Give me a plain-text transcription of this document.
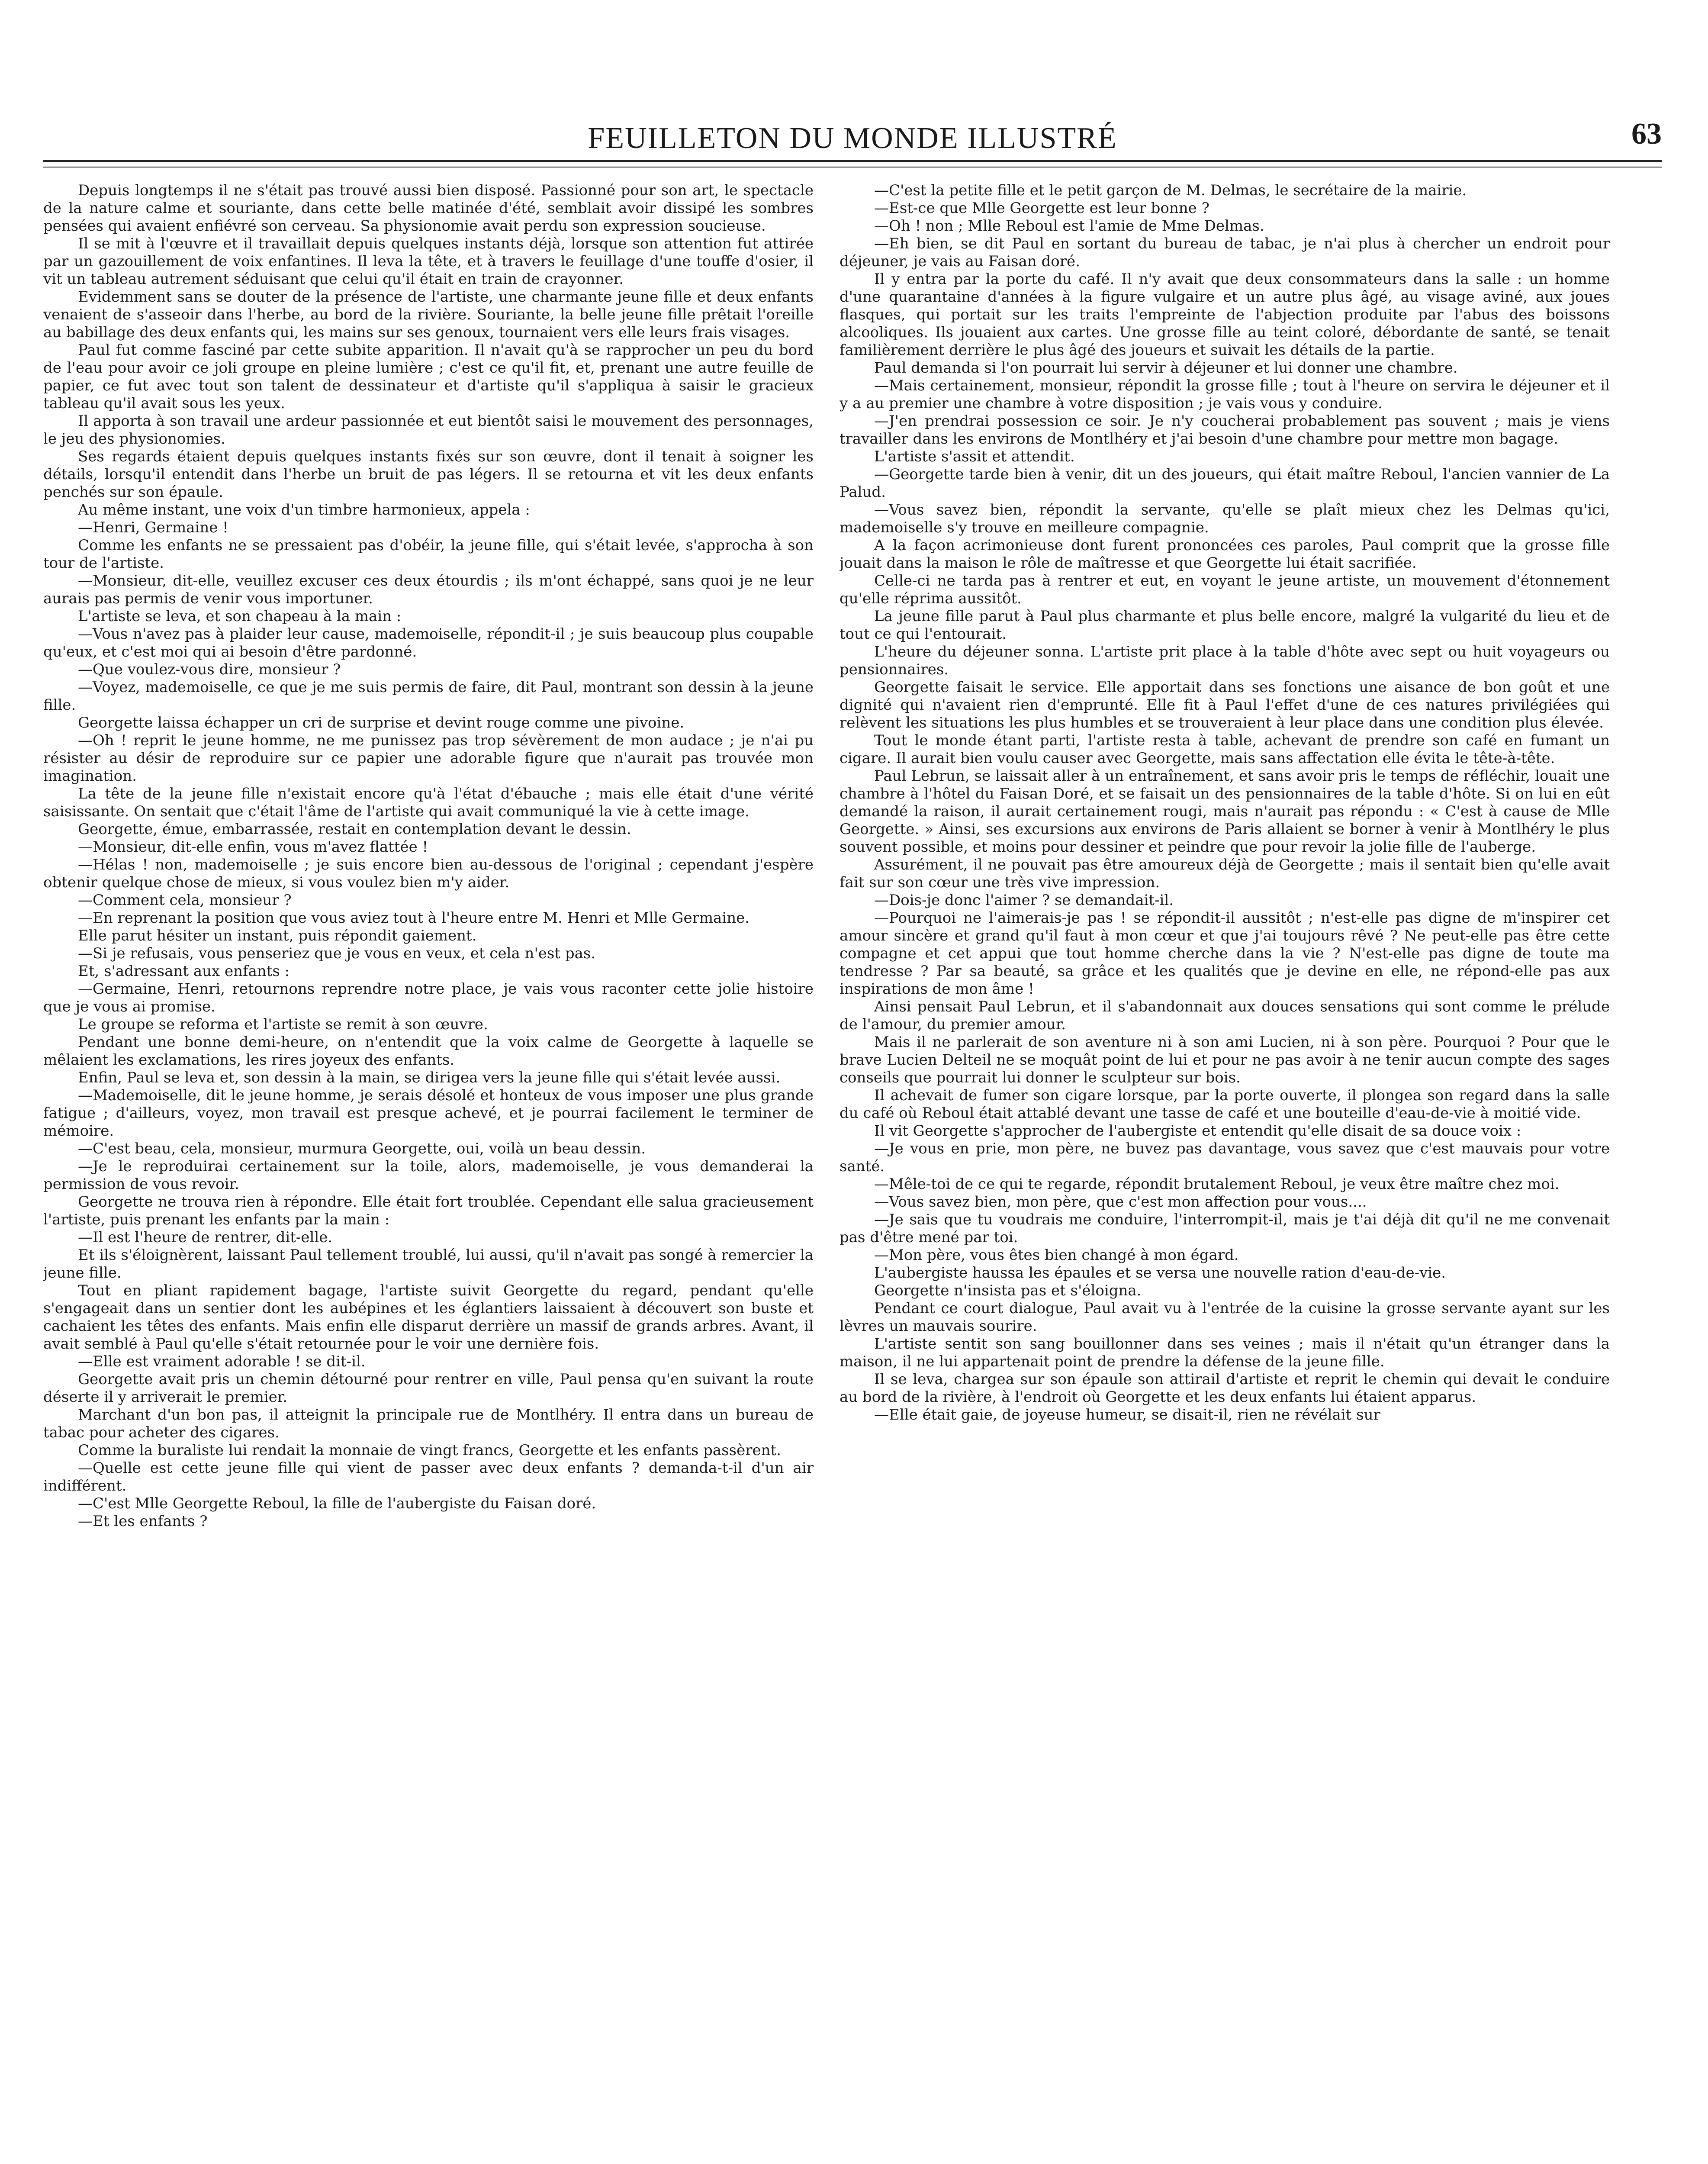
FEUILLETON DU MONDE ILLUSTRÉ	63

Depuis longtemps il ne s'était pas trouvé aussi bien disposé. Passionné pour son art, le spectacle de la nature calme et souriante, dans cette belle matinée d'été, semblait avoir dissipé les sombres pensées qui avaient enfiévré son cerveau. Sa physionomie avait perdu son expression soucieuse.

Il se mit à l'œuvre et il travaillait depuis quelques instants déjà, lorsque son attention fut attirée par un gazouillement de voix enfantines. Il leva la tête, et à travers le feuillage d'une touffe d'osier, il vit un tableau autrement séduisant que celui qu'il était en train de crayonner.

Evidemment sans se douter de la présence de l'artiste, une charmante jeune fille et deux enfants venaient de s'asseoir dans l'herbe, au bord de la rivière. Souriante, la belle jeune fille prêtait l'oreille au babillage des deux enfants qui, les mains sur ses genoux, tournaient vers elle leurs frais visages.

Paul fut comme fasciné par cette subite apparition. Il n'avait qu'à se rapprocher un peu du bord de l'eau pour avoir ce joli groupe en pleine lumière ; c'est ce qu'il fit, et, prenant une autre feuille de papier, ce fut avec tout son talent de dessinateur et d'artiste qu'il s'appliqua à saisir le gracieux tableau qu'il avait sous les yeux.

Il apporta à son travail une ardeur passionnée et eut bientôt saisi le mouvement des personnages, le jeu des physionomies.

Ses regards étaient depuis quelques instants fixés sur son œuvre, dont il tenait à soigner les détails, lorsqu'il entendit dans l'herbe un bruit de pas légers. Il se retourna et vit les deux enfants penchés sur son épaule.

Au même instant, une voix d'un timbre harmonieux, appela :

—Henri, Germaine !

Comme les enfants ne se pressaient pas d'obéir, la jeune fille, qui s'était levée, s'approcha à son tour de l'artiste.

—Monsieur, dit-elle, veuillez excuser ces deux étourdis ; ils m'ont échappé, sans quoi je ne leur aurais pas permis de venir vous importuner.

L'artiste se leva, et son chapeau à la main :

—Vous n'avez pas à plaider leur cause, mademoiselle, répondit-il ; je suis beaucoup plus coupable qu'eux, et c'est moi qui ai besoin d'être pardonné.

—Que voulez-vous dire, monsieur ?

—Voyez, mademoiselle, ce que je me suis permis de faire, dit Paul, montrant son dessin à la jeune fille.

Georgette laissa échapper un cri de surprise et devint rouge comme une pivoine.

—Oh ! reprit le jeune homme, ne me punissez pas trop sévèrement de mon audace ; je n'ai pu résister au désir de reproduire sur ce papier une adorable figure que n'aurait pas trouvée mon imagination.

La tête de la jeune fille n'existait encore qu'à l'état d'ébauche ; mais elle était d'une vérité saisissante. On sentait que c'était l'âme de l'artiste qui avait communiqué la vie à cette image.

Georgette, émue, embarrassée, restait en contemplation devant le dessin.

—Monsieur, dit-elle enfin, vous m'avez flattée !

—Hélas ! non, mademoiselle ; je suis encore bien au-dessous de l'original ; cependant j'espère obtenir quelque chose de mieux, si vous voulez bien m'y aider.

—Comment cela, monsieur ?

—En reprenant la position que vous aviez tout à l'heure entre M. Henri et Mlle Germaine.

Elle parut hésiter un instant, puis répondit gaiement.

—Si je refusais, vous penseriez que je vous en veux, et cela n'est pas.

Et, s'adressant aux enfants :

—Germaine, Henri, retournons reprendre notre place, je vais vous raconter cette jolie histoire que je vous ai promise.

Le groupe se reforma et l'artiste se remit à son œuvre.

Pendant une bonne demi-heure, on n'entendit que la voix calme de Georgette à laquelle se mêlaient les exclamations, les rires joyeux des enfants.

Enfin, Paul se leva et, son dessin à la main, se dirigea vers la jeune fille qui s'était levée aussi.

—Mademoiselle, dit le jeune homme, je serais désolé et honteux de vous imposer une plus grande fatigue ; d'ailleurs, voyez, mon travail est presque achevé, et je pourrai facilement le terminer de mémoire.

—C'est beau, cela, monsieur, murmura Georgette, oui, voilà un beau dessin.

—Je le reproduirai certainement sur la toile, alors, mademoiselle, je vous demanderai la permission de vous revoir.

Georgette ne trouva rien à répondre. Elle était fort troublée. Cependant elle salua gracieusement l'artiste, puis prenant les enfants par la main :

—Il est l'heure de rentrer, dit-elle.

Et ils s'éloignèrent, laissant Paul tellement troublé, lui aussi, qu'il n'avait pas songé à remercier la jeune fille.

Tout en pliant rapidement bagage, l'artiste suivit Georgette du regard, pendant qu'elle s'engageait dans un sentier dont les aubépines et les églantiers laissaient à découvert son buste et cachaient les têtes des enfants. Mais enfin elle disparut derrière un massif de grands arbres. Avant, il avait semblé à Paul qu'elle s'était retournée pour le voir une dernière fois.

—Elle est vraiment adorable ! se dit-il.

Georgette avait pris un chemin détourné pour rentrer en ville, Paul pensa qu'en suivant la route déserte il y arriverait le premier.

Marchant d'un bon pas, il atteignit la principale rue de Montlhéry. Il entra dans un bureau de tabac pour acheter des cigares.

Comme la buraliste lui rendait la monnaie de vingt francs, Georgette et les enfants passèrent.

—Quelle est cette jeune fille qui vient de passer avec deux enfants ? demanda-t-il d'un air indifférent.

—C'est Mlle Georgette Reboul, la fille de l'aubergiste du Faisan doré.

—Et les enfants ?

—C'est la petite fille et le petit garçon de M. Delmas, le secrétaire de la mairie.

—Est-ce que Mlle Georgette est leur bonne ?

—Oh ! non ; Mlle Reboul est l'amie de Mme Delmas.

—Eh bien, se dit Paul en sortant du bureau de tabac, je n'ai plus à chercher un endroit pour déjeuner, je vais au Faisan doré.

Il y entra par la porte du café. Il n'y avait que deux consommateurs dans la salle : un homme d'une quarantaine d'années à la figure vulgaire et un autre plus âgé, au visage aviné, aux joues flasques, qui portait sur les traits l'empreinte de l'abjection produite par l'abus des boissons alcooliques. Ils jouaient aux cartes. Une grosse fille au teint coloré, débordante de santé, se tenait familièrement derrière le plus âgé des joueurs et suivait les détails de la partie.

Paul demanda si l'on pourrait lui servir à déjeuner et lui donner une chambre.

—Mais certainement, monsieur, répondit la grosse fille ; tout à l'heure on servira le déjeuner et il y a au premier une chambre à votre disposition ; je vais vous y conduire.

—J'en prendrai possession ce soir. Je n'y coucherai probablement pas souvent ; mais je viens travailler dans les environs de Montlhéry et j'ai besoin d'une chambre pour mettre mon bagage.

L'artiste s'assit et attendit.

—Georgette tarde bien à venir, dit un des joueurs, qui était maître Reboul, l'ancien vannier de La Palud.

—Vous savez bien, répondit la servante, qu'elle se plaît mieux chez les Delmas qu'ici, mademoiselle s'y trouve en meilleure compagnie.

A la façon acrimonieuse dont furent prononcées ces paroles, Paul comprit que la grosse fille jouait dans la maison le rôle de maîtresse et que Georgette lui était sacrifiée.

Celle-ci ne tarda pas à rentrer et eut, en voyant le jeune artiste, un mouvement d'étonnement qu'elle réprima aussitôt.

La jeune fille parut à Paul plus charmante et plus belle encore, malgré la vulgarité du lieu et de tout ce qui l'entourait.

L'heure du déjeuner sonna. L'artiste prit place à la table d'hôte avec sept ou huit voyageurs ou pensionnaires.

Georgette faisait le service. Elle apportait dans ses fonctions une aisance de bon goût et une dignité qui n'avaient rien d'emprunté. Elle fit à Paul l'effet d'une de ces natures privilégiées qui relèvent les situations les plus humbles et se trouveraient à leur place dans une condition plus élevée.

Tout le monde étant parti, l'artiste resta à table, achevant de prendre son café en fumant un cigare. Il aurait bien voulu causer avec Georgette, mais sans affectation elle évita le tête-à-tête.

Paul Lebrun, se laissait aller à un entraînement, et sans avoir pris le temps de réfléchir, louait une chambre à l'hôtel du Faisan Doré, et se faisait un des pensionnaires de la table d'hôte. Si on lui en eût demandé la raison, il aurait certainement rougi, mais n'aurait pas répondu : « C'est à cause de Mlle Georgette. » Ainsi, ses excursions aux environs de Paris allaient se borner à venir à Montlhéry le plus souvent possible, et moins pour dessiner et peindre que pour revoir la jolie fille de l'auberge.

Assurément, il ne pouvait pas être amoureux déjà de Georgette ; mais il sentait bien qu'elle avait fait sur son cœur une très vive impression.

—Dois-je donc l'aimer ? se demandait-il.

—Pourquoi ne l'aimerais-je pas ! se répondit-il aussitôt ; n'est-elle pas digne de m'inspirer cet amour sincère et grand qu'il faut à mon cœur et que j'ai toujours rêvé ? Ne peut-elle pas être cette compagne et cet appui que tout homme cherche dans la vie ? N'est-elle pas digne de toute ma tendresse ? Par sa beauté, sa grâce et les qualités que je devine en elle, ne répond-elle pas aux inspirations de mon âme !

Ainsi pensait Paul Lebrun, et il s'abandonnait aux douces sensations qui sont comme le prélude de l'amour, du premier amour.

Mais il ne parlerait de son aventure ni à son ami Lucien, ni à son père. Pourquoi ? Pour que le brave Lucien Delteil ne se moquât point de lui et pour ne pas avoir à ne tenir aucun compte des sages conseils que pourrait lui donner le sculpteur sur bois.

Il achevait de fumer son cigare lorsque, par la porte ouverte, il plongea son regard dans la salle du café où Reboul était attablé devant une tasse de café et une bouteille d'eau-de-vie à moitié vide.

Il vit Georgette s'approcher de l'aubergiste et entendit qu'elle disait de sa douce voix :

—Je vous en prie, mon père, ne buvez pas davantage, vous savez que c'est mauvais pour votre santé.

—Mêle-toi de ce qui te regarde, répondit brutalement Reboul, je veux être maître chez moi.

—Vous savez bien, mon père, que c'est mon affection pour vous....

—Je sais que tu voudrais me conduire, l'interrompit-il, mais je t'ai déjà dit qu'il ne me convenait pas d'être mené par toi.

—Mon père, vous êtes bien changé à mon égard.

L'aubergiste haussa les épaules et se versa une nouvelle ration d'eau-de-vie.

Georgette n'insista pas et s'éloigna.

Pendant ce court dialogue, Paul avait vu à l'entrée de la cuisine la grosse servante ayant sur les lèvres un mauvais sourire.

L'artiste sentit son sang bouillonner dans ses veines ; mais il n'était qu'un étranger dans la maison, il ne lui appartenait point de prendre la défense de la jeune fille.

Il se leva, chargea sur son épaule son attirail d'artiste et reprit le chemin qui devait le conduire au bord de la rivière, à l'endroit où Georgette et les deux enfants lui étaient apparus.

—Elle était gaie, de joyeuse humeur, se disait-il, rien ne révélait sur
